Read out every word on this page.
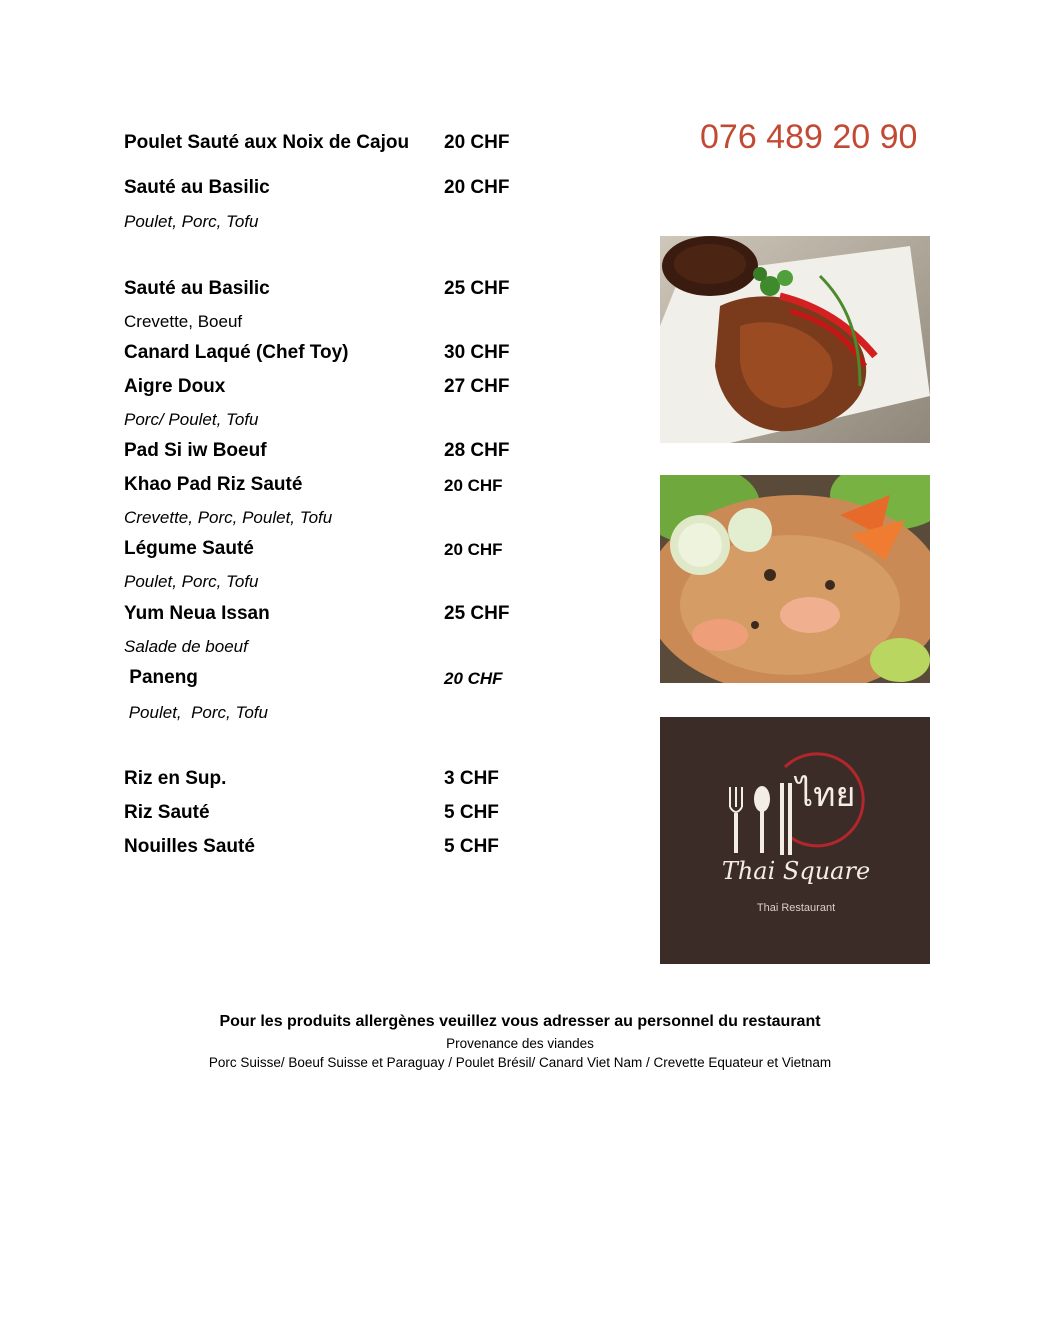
Poulet Sauté aux Noix de Cajou 20 CHF
Sauté au Basilic	20 CHF
Poulet, Porc, Tofu
Sauté au Basilic	25 CHF
Crevette, Boeuf
Canard Laqué (Chef Toy)	30 CHF
Aigre Doux	27 CHF
Porc/ Poulet, Tofu
Pad Si iw Boeuf	28 CHF
Khao Pad Riz Sauté	20 CHF
Crevette, Porc, Poulet, Tofu
Légume Sauté	20 CHF
Poulet, Porc, Tofu
Yum Neua Issan	25 CHF
Salade de boeuf
Paneng	20 CHF
Poulet,  Porc, Tofu
Riz en Sup.	3 CHF
Riz Sauté	5 CHF
Nouilles Sauté	5 CHF
076 489 20 90
ไทย
Thai Square
Thai Restaurant
Pour les produits allergènes veuillez vous adresser au personnel du restaurant
Provenance des viandes
Porc Suisse/ Boeuf Suisse et Paraguay / Poulet Brésil/ Canard Viet Nam / Crevette Equateur et Vietnam
